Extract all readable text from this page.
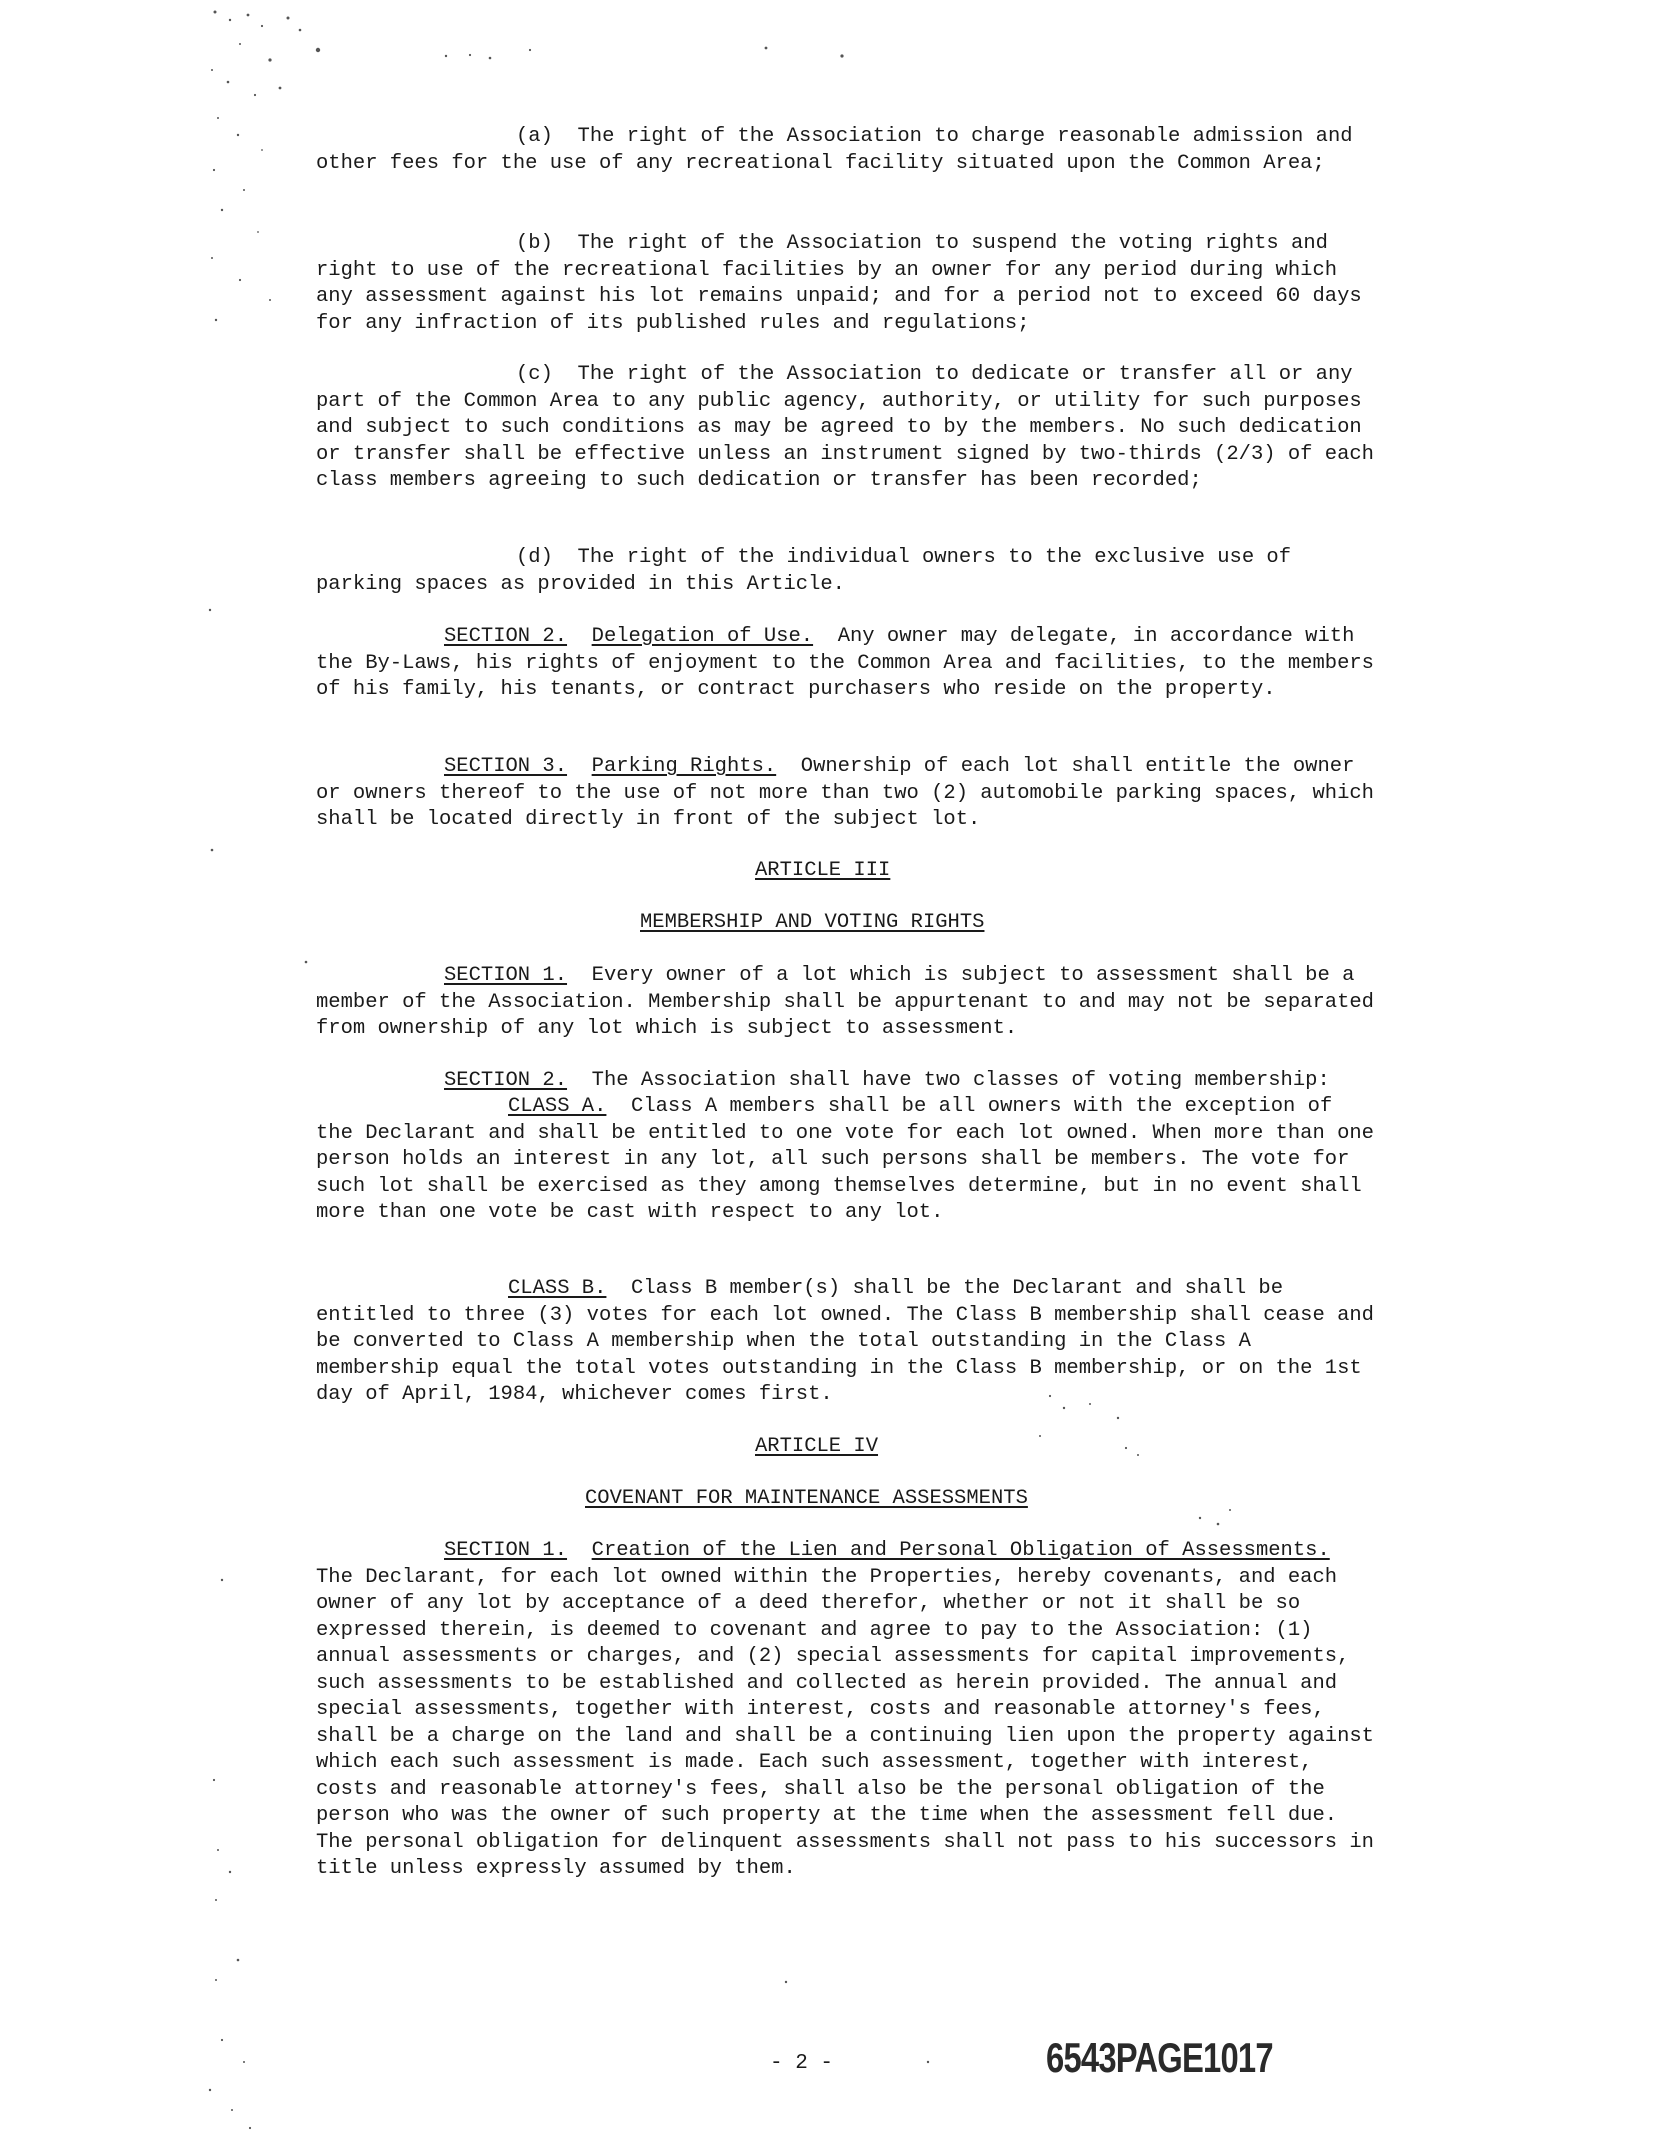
(a) The right of the Association to charge reasonable admission and other fees for the use of any recreational facility situated upon the Common Area;

(b) The right of the Association to suspend the voting rights and right to use of the recreational facilities by an owner for any period during which any assessment against his lot remains unpaid; and for a period not to exceed 60 days for any infraction of its published rules and regulations;

(c) The right of the Association to dedicate or transfer all or any part of the Common Area to any public agency, authority, or utility for such purposes and subject to such conditions as may be agreed to by the members. No such dedication or transfer shall be effective unless an instrument signed by two-thirds (2/3) of each class members agreeing to such dedication or transfer has been recorded;

(d) The right of the individual owners to the exclusive use of parking spaces as provided in this Article.

SECTION 2. Delegation of Use. Any owner may delegate, in accordance with the By-Laws, his rights of enjoyment to the Common Area and facilities, to the members of his family, his tenants, or contract purchasers who reside on the property.

SECTION 3. Parking Rights. Ownership of each lot shall entitle the owner or owners thereof to the use of not more than two (2) automobile parking spaces, which shall be located directly in front of the subject lot.

ARTICLE III

MEMBERSHIP AND VOTING RIGHTS

SECTION 1. Every owner of a lot which is subject to assessment shall be a member of the Association. Membership shall be appurtenant to and may not be separated from ownership of any lot which is subject to assessment.

SECTION 2. The Association shall have two classes of voting membership:

CLASS A. Class A members shall be all owners with the exception of the Declarant and shall be entitled to one vote for each lot owned. When more than one person holds an interest in any lot, all such persons shall be members. The vote for such lot shall be exercised as they among themselves determine, but in no event shall more than one vote be cast with respect to any lot.

CLASS B. Class B member(s) shall be the Declarant and shall be entitled to three (3) votes for each lot owned. The Class B membership shall cease and be converted to Class A membership when the total outstanding in the Class A membership equal the total votes outstanding in the Class B membership, or on the 1st day of April, 1984, whichever comes first.

ARTICLE IV

COVENANT FOR MAINTENANCE ASSESSMENTS

SECTION 1. Creation of the Lien and Personal Obligation of Assessments. The Declarant, for each lot owned within the Properties, hereby covenants, and each owner of any lot by acceptance of a deed therefor, whether or not it shall be so expressed therein, is deemed to covenant and agree to pay to the Association: (1) annual assessments or charges, and (2) special assessments for capital improvements, such assessments to be established and collected as herein provided. The annual and special assessments, together with interest, costs and reasonable attorney's fees, shall be a charge on the land and shall be a continuing lien upon the property against which each such assessment is made. Each such assessment, together with interest, costs and reasonable attorney's fees, shall also be the personal obligation of the person who was the owner of such property at the time when the assessment fell due. The personal obligation for delinquent assessments shall not pass to his successors in title unless expressly assumed by them.

- 2 -	6543PAGE1017
